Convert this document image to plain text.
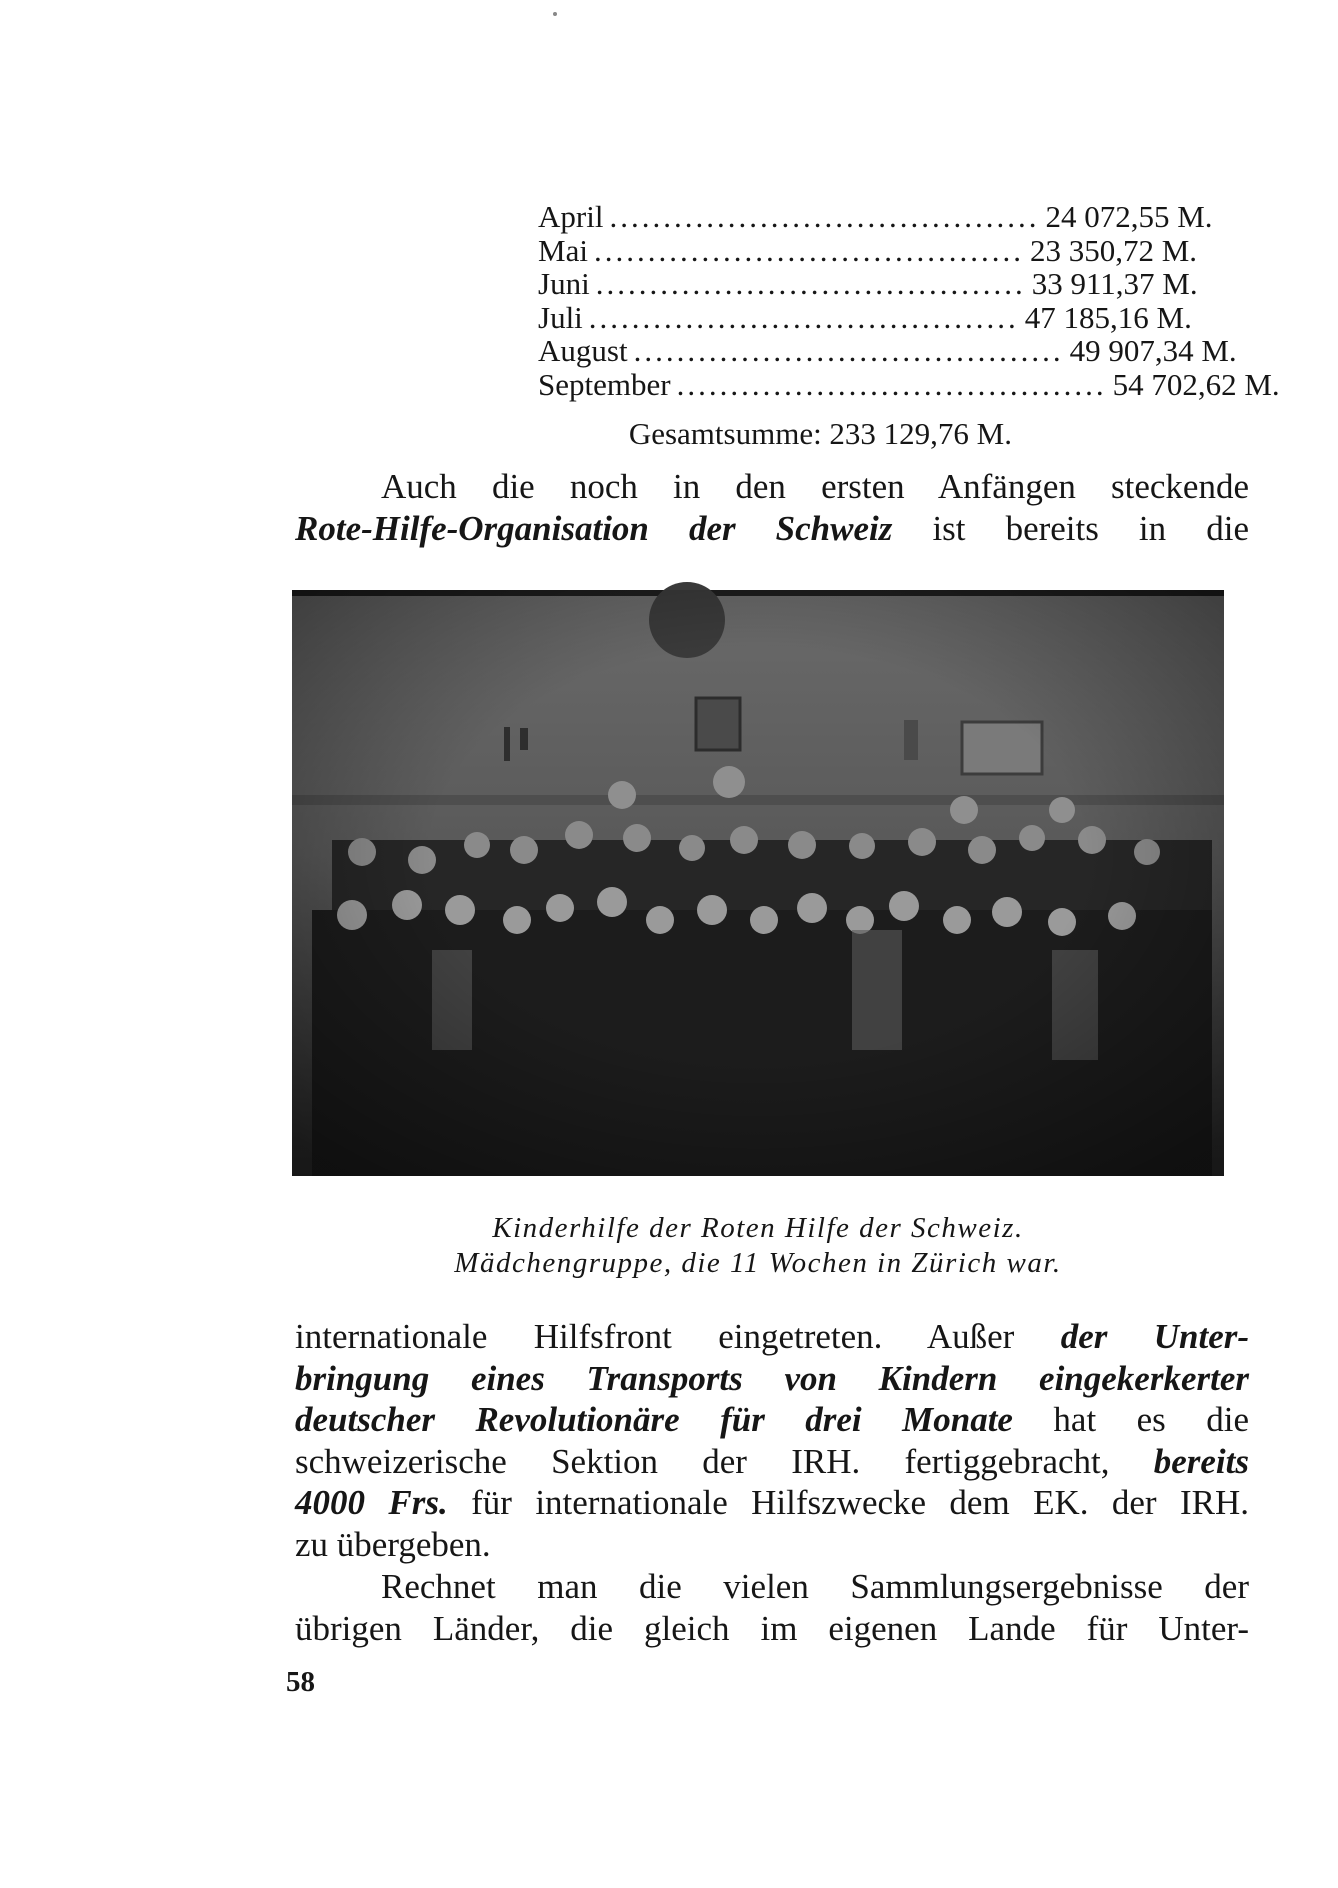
April ........................................ 24 072,55 M.
Mai ........................................ 23 350,72 M.
Juni ........................................ 33 911,37 M.
Juli ........................................ 47 185,16 M.
August ........................................ 49 907,34 M.
September ........................................ 54 702,62 M.
Gesamtsumme: 233 129,76 M.
Auch die noch in den ersten Anfängen steckende
Rote-Hilfe-Organisation der Schweiz ist bereits in die
Kinderhilfe der Roten Hilfe der Schweiz.
Mädchengruppe, die 11 Wochen in Zürich war.
internationale Hilfsfront eingetreten. Außer der Unter-
bringung eines Transports von Kindern eingekerkerter
deutscher Revolutionäre für drei Monate hat es die
schweizerische Sektion der IRH. fertiggebracht, bereits
4000 Frs. für internationale Hilfszwecke dem EK. der IRH.
zu übergeben.
Rechnet man die vielen Sammlungsergebnisse der
übrigen Länder, die gleich im eigenen Lande für Unter-
58
